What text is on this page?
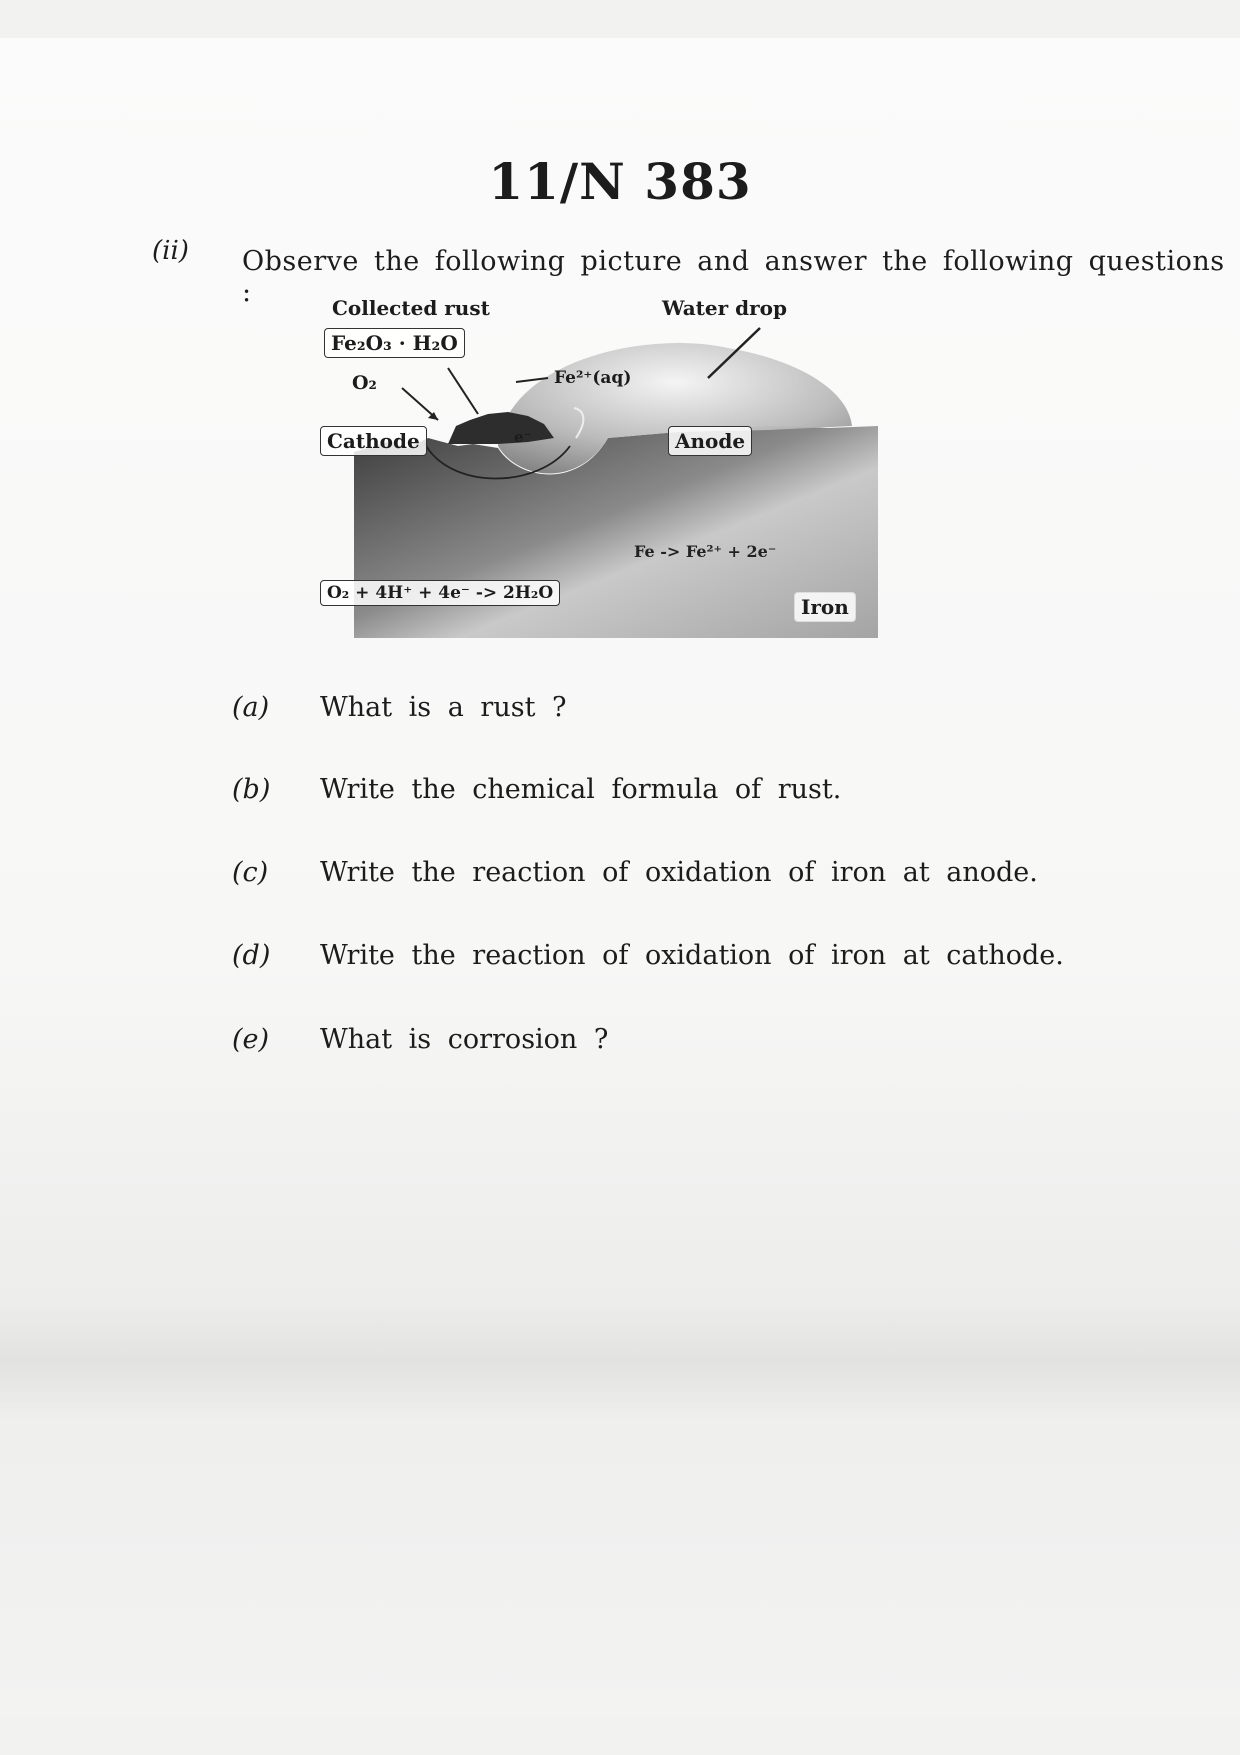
11/N 383
(ii) Observe the following picture and answer the following questions :	Collected rust
Fe₂O₃ · H₂O
Water drop
O₂	Fe²⁺(aq)
e⁻
Cathode	Anode
Fe -> Fe²⁺ + 2e⁻
O₂ + 4H⁺ + 4e⁻ -> 2H₂O
Iron
(a) What is a rust ?
(b) Write the chemical formula of rust.
(c) Write the reaction of oxidation of iron at anode.
(d) Write the reaction of oxidation of iron at cathode.
(e) What is corrosion ?
